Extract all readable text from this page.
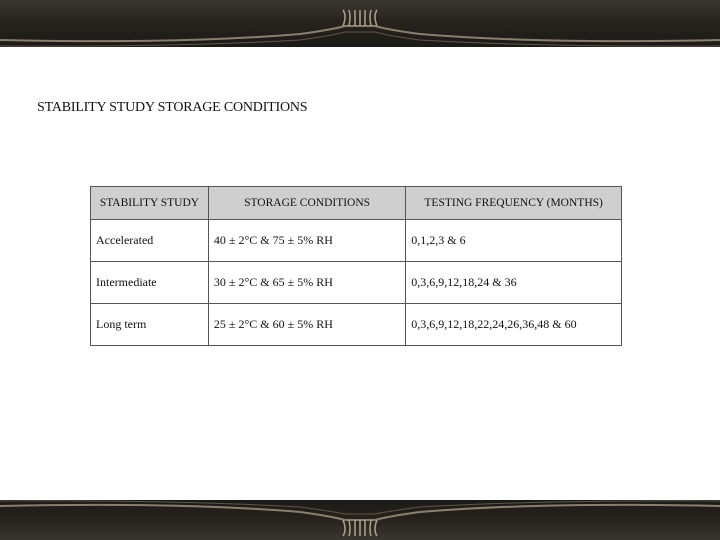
STABILITY STUDY STORAGE CONDITIONS
STABILITY STUDY	STORAGE CONDITIONS	TESTING FREQUENCY (MONTHS)
Accelerated	40 ± 2°C & 75 ± 5% RH	0,1,2,3 & 6
Intermediate	30 ± 2°C & 65 ± 5% RH	0,3,6,9,12,18,24 & 36
Long term	25 ± 2°C & 60 ± 5% RH	0,3,6,9,12,18,22,24,26,36,48 & 60
